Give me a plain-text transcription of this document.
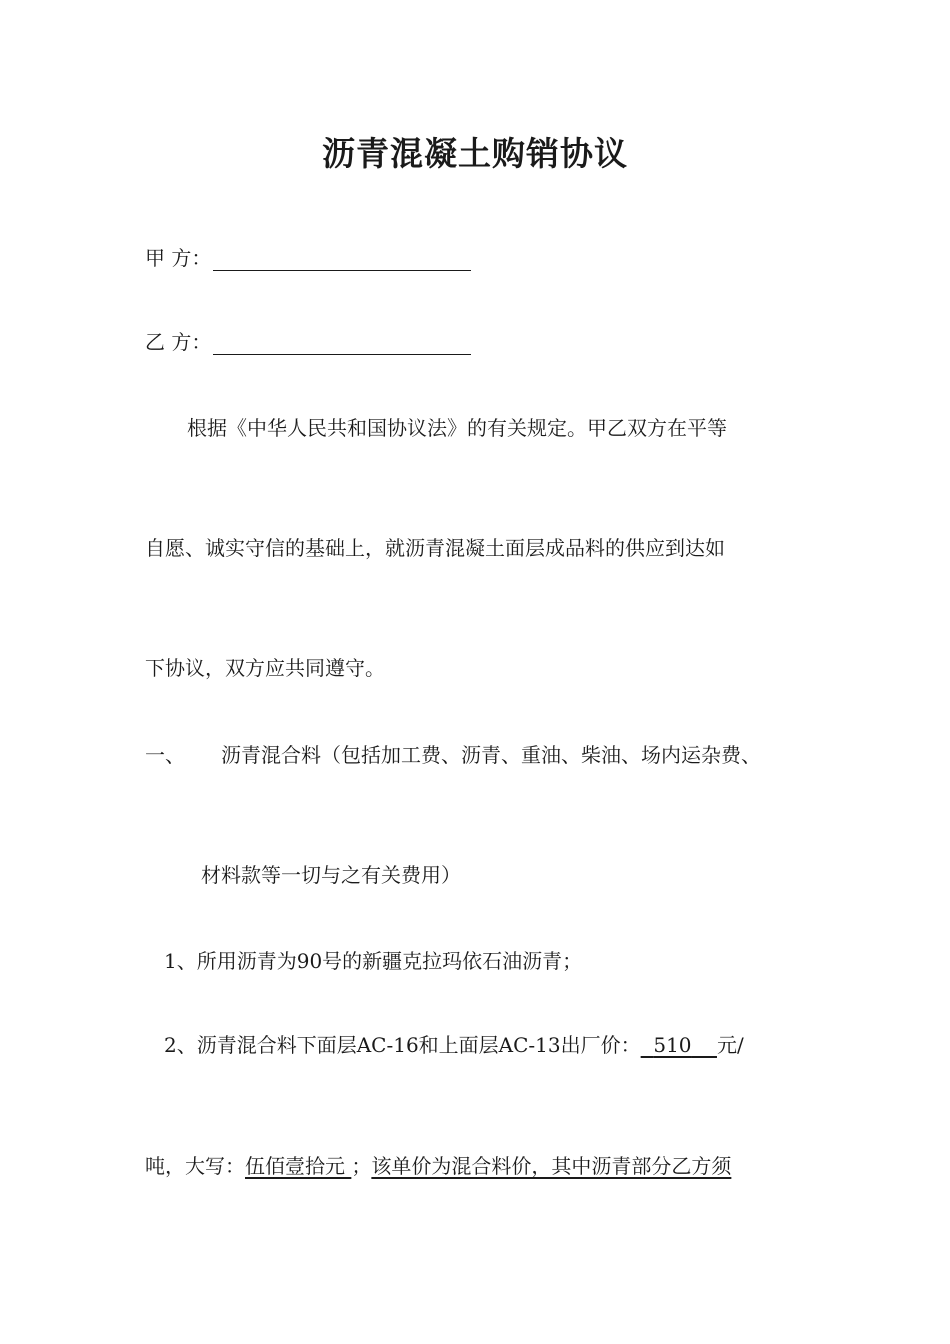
沥青混凝土购销协议
甲 方：
乙 方：
根据《中华人民共和国协议法》的有关规定。甲乙双方在平等
自愿、诚实守信的基础上，就沥青混凝土面层成品料的供应到达如
下协议，双方应共同遵守。
一、 沥青混合料（包括加工费、沥青、重油、柴油、场内运杂费、
材料款等一切与之有关费用）
1、所用沥青为90号的新疆克拉玛依石油沥青；
2、沥青混合料下面层AC-16和上面层AC-13出厂价： 510 元/
吨，大写：伍佰壹拾元 ；该单价为混合料价，其中沥青部分乙方须
